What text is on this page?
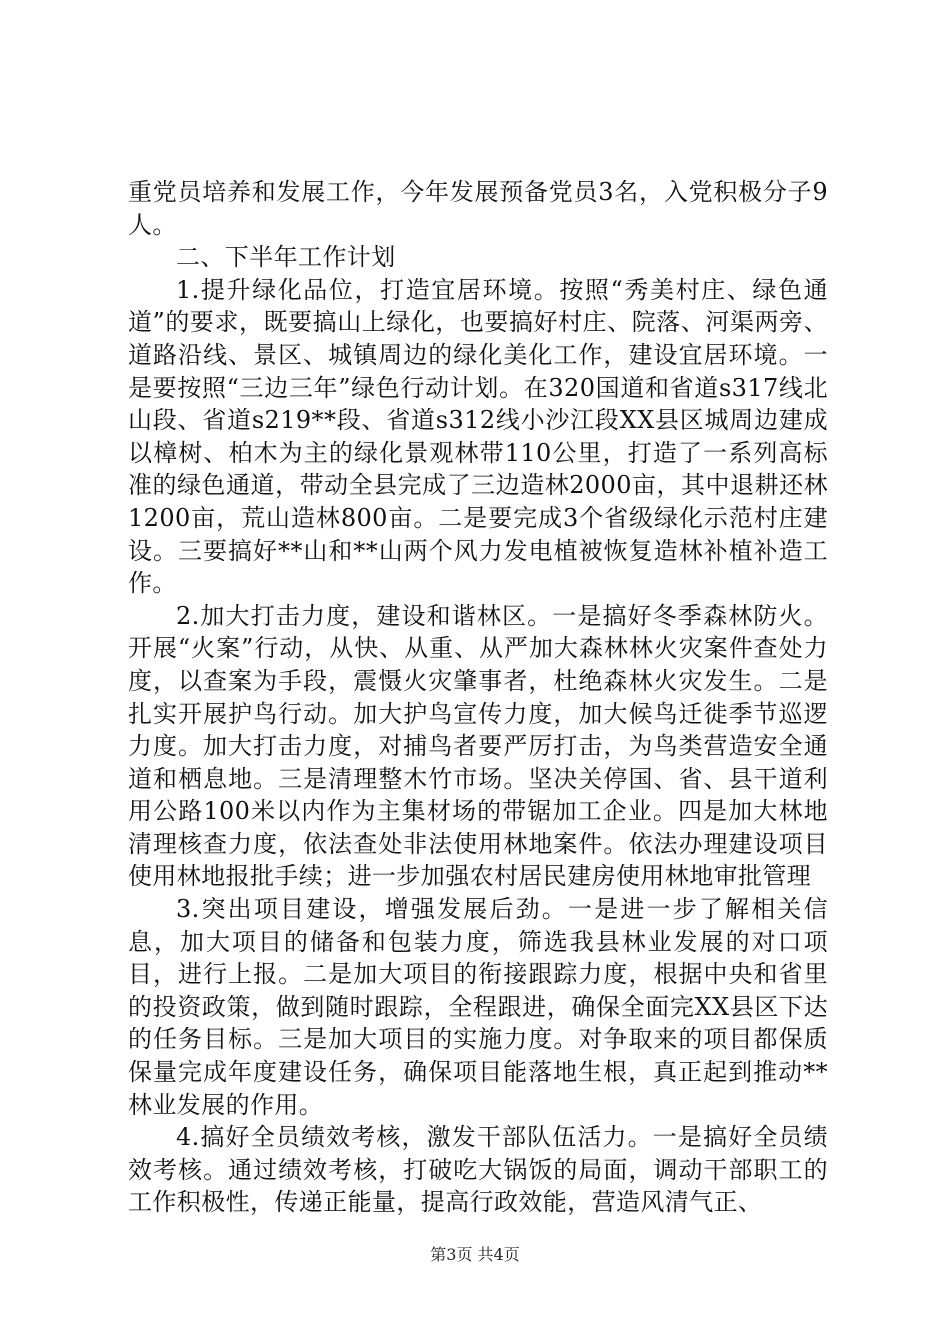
重党员培养和发展工作，今年发展预备党员3名，入党积极分子9人。

二、下半年工作计划

1.提升绿化品位，打造宜居环境。按照“秀美村庄、绿色通道”的要求，既要搞山上绿化，也要搞好村庄、院落、河渠两旁、道路沿线、景区、城镇周边的绿化美化工作，建设宜居环境。一是要按照“三边三年”绿色行动计划。在320国道和省道s317线北山段、省道s219**段、省道s312线小沙江段XX县区城周边建成以樟树、柏木为主的绿化景观林带110公里，打造了一系列高标准的绿色通道，带动全县完成了三边造林2000亩，其中退耕还林1200亩，荒山造林800亩。二是要完成3个省级绿化示范村庄建设。三要搞好**山和**山两个风力发电植被恢复造林补植补造工作。

2.加大打击力度，建设和谐林区。一是搞好冬季森林防火。开展“火案”行动，从快、从重、从严加大森林林火灾案件查处力度，以查案为手段，震慑火灾肇事者，杜绝森林火灾发生。二是扎实开展护鸟行动。加大护鸟宣传力度，加大候鸟迁徙季节巡逻力度。加大打击力度，对捕鸟者要严厉打击，为鸟类营造安全通道和栖息地。三是清理整木竹市场。坚决关停国、省、县干道利用公路100米以内作为主集材场的带锯加工企业。四是加大林地清理核查力度，依法查处非法使用林地案件。依法办理建设项目使用林地报批手续；进一步加强农村居民建房使用林地审批管理

3.突出项目建设，增强发展后劲。一是进一步了解相关信息，加大项目的储备和包装力度，筛选我县林业发展的对口项目，进行上报。二是加大项目的衔接跟踪力度，根据中央和省里的投资政策，做到随时跟踪，全程跟进，确保全面完XX县区下达的任务目标。三是加大项目的实施力度。对争取来的项目都保质保量完成年度建设任务，确保项目能落地生根，真正起到推动**林业发展的作用。

4.搞好全员绩效考核，激发干部队伍活力。一是搞好全员绩效考核。通过绩效考核，打破吃大锅饭的局面，调动干部职工的工作积极性，传递正能量，提高行政效能，营造风清气正、

第3页 共4页
